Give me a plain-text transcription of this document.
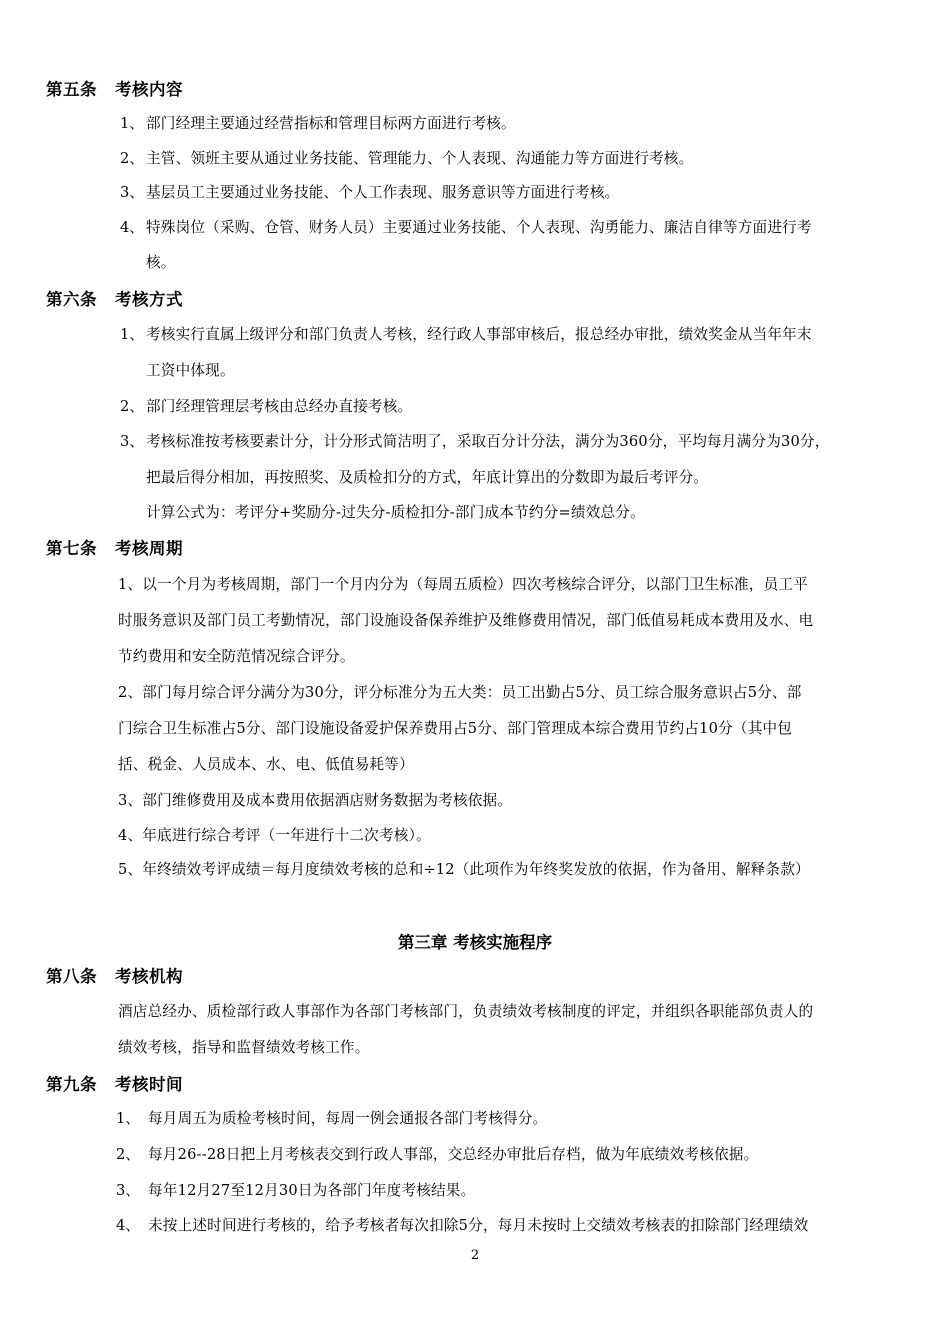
第五条 考核内容
1、 部门经理主要通过经营指标和管理目标两方面进行考核。
2、 主管、领班主要从通过业务技能、管理能力、个人表现、沟通能力等方面进行考核。
3、 基层员工主要通过业务技能、个人工作表现、服务意识等方面进行考核。
4、 特殊岗位（采购、仓管、财务人员）主要通过业务技能、个人表现、沟勇能力、廉洁自律等方面进行考
核。
第六条 考核方式
1、 考核实行直属上级评分和部门负责人考核，经行政人事部审核后，报总经办审批，绩效奖金从当年年末
工资中体现。
2、 部门经理管理层考核由总经办直接考核。
3、 考核标准按考核要素计分，计分形式简洁明了，采取百分计分法，满分为360分，平均每月满分为30分，
把最后得分相加，再按照奖、及质检扣分的方式，年底计算出的分数即为最后考评分。
计算公式为：考评分+奖励分-过失分-质检扣分-部门成本节约分=绩效总分。
第七条 考核周期
1、以一个月为考核周期，部门一个月内分为（每周五质检）四次考核综合评分，以部门卫生标准，员工平
时服务意识及部门员工考勤情况，部门设施设备保养维护及维修费用情况，部门低值易耗成本费用及水、电
节约费用和安全防范情况综合评分。
2、部门每月综合评分满分为30分，评分标准分为五大类：员工出勤占5分、员工综合服务意识占5分、部
门综合卫生标准占5分、部门设施设备爱护保养费用占5分、部门管理成本综合费用节约占10分（其中包
括、税金、人员成本、水、电、低值易耗等）
3、部门维修费用及成本费用依据酒店财务数据为考核依据。
4、年底进行综合考评（一年进行十二次考核）。
5、年终绩效考评成绩＝每月度绩效考核的总和÷12（此项作为年终奖发放的依据，作为备用、解释条款）
第三章 考核实施程序
第八条 考核机构
酒店总经办、质检部行政人事部作为各部门考核部门，负责绩效考核制度的评定，并组织各职能部负责人的
绩效考核，指导和监督绩效考核工作。
第九条 考核时间
1、 每月周五为质检考核时间，每周一例会通报各部门考核得分。
2、 每月26--28日把上月考核表交到行政人事部，交总经办审批后存档，做为年底绩效考核依据。
3、 每年12月27至12月30日为各部门年度考核结果。
4、 未按上述时间进行考核的，给予考核者每次扣除5分，每月未按时上交绩效考核表的扣除部门经理绩效
2
